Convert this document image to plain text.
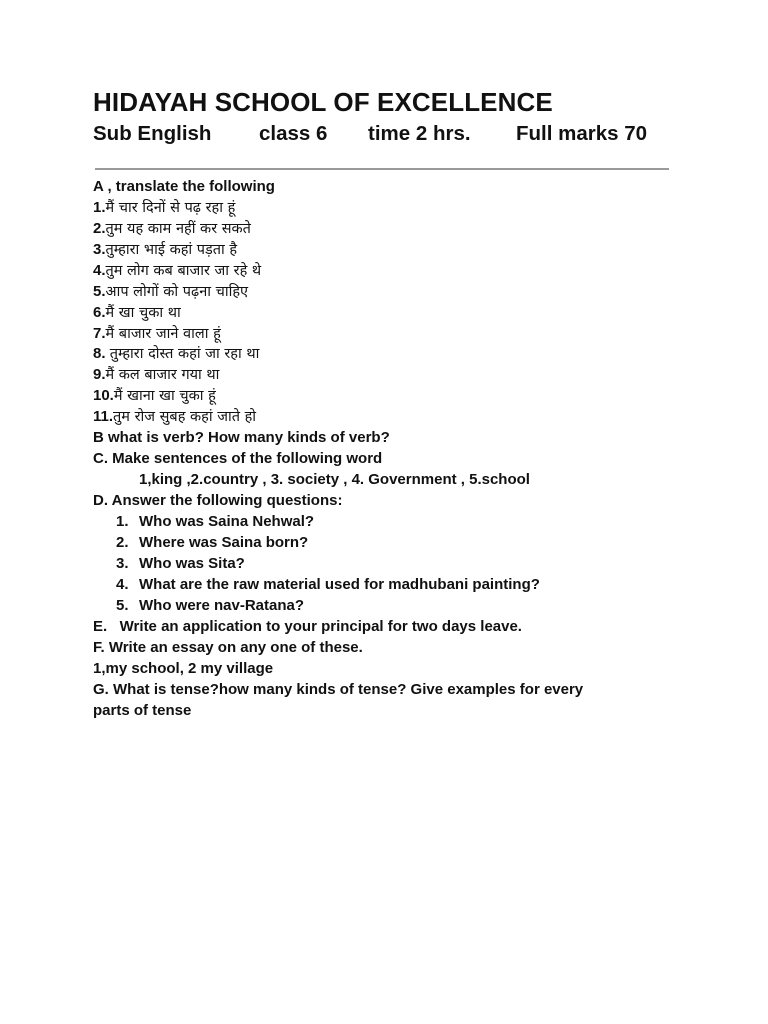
HIDAYAH SCHOOL OF EXCELLENCE
Sub English class 6 time 2 hrs. Full marks 70
A , translate the following
1.मैं चार दिनों से पढ़ रहा हूं
2.तुम यह काम नहीं कर सकते
3.तुम्हारा भाई कहां पड़ता है
4.तुम लोग कब बाजार जा रहे थे
5.आप लोगों को पढ़ना चाहिए
6.मैं खा चुका था
7.मैं बाजार जाने वाला हूं
8. तुम्हारा दोस्त कहां जा रहा था
9.मैं कल बाजार गया था
10.मैं खाना खा चुका हूं
11.तुम रोज सुबह कहां जाते हो
B what is verb? How many kinds of verb?
C. Make sentences of the following word
1,king ,2.country , 3. society , 4. Government , 5.school
D. Answer the following questions:
1. Who was Saina Nehwal?
2. Where was Saina born?
3. Who was Sita?
4. What are the raw material used for madhubani painting?
5. Who were nav-Ratana?
E.   Write an application to your principal for two days leave.
F. Write an essay on any one of these.
1,my school, 2 my village
G. What is tense?how many kinds of tense? Give examples for every
parts of tense
